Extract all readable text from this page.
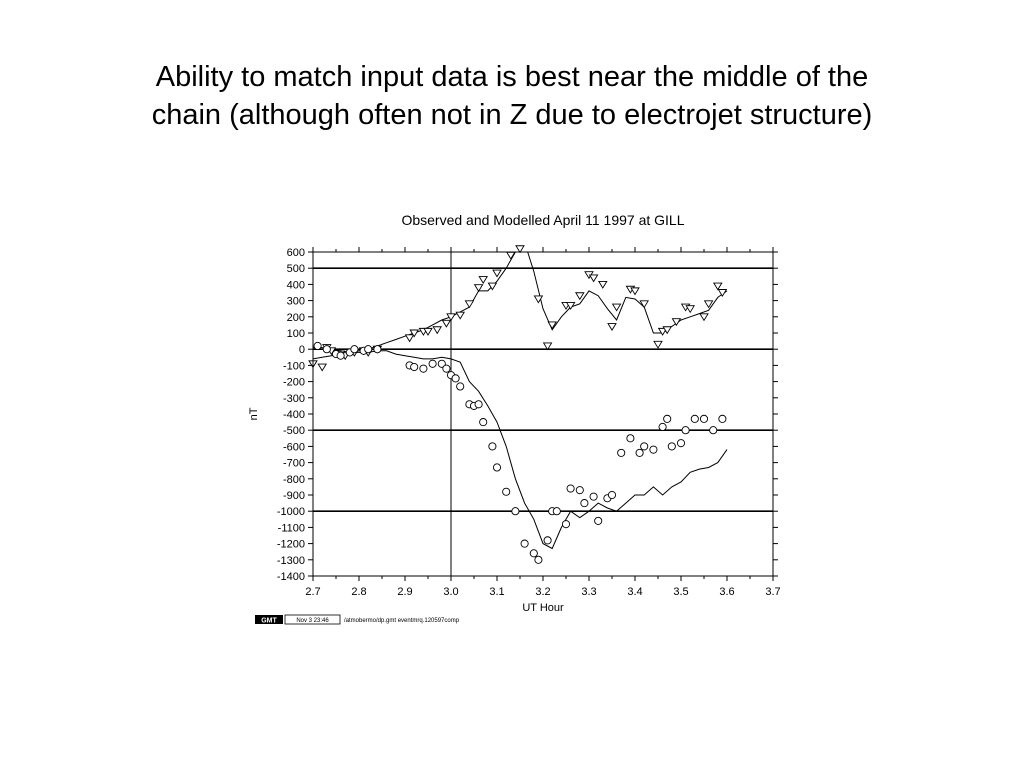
Ability to match input data is best near the middle of the
chain (although often not in Z due to electrojet structure)
Observed and Modelled April 11 1997 at GILL
600
500
400
300
200
100
0
-100
-200
-300
-400
-500
-600
-700
-800
-900
-1000
-1100
-1200
-1300
-1400
2.7	2.8	2.9	3.0	3.1	3.2	3.3	3.4	3.5	3.6	3.7
UT Hour
nT
GMT	Nov 3 23:46	/atmobermo/dp.gmt eventmrq.120597comp
